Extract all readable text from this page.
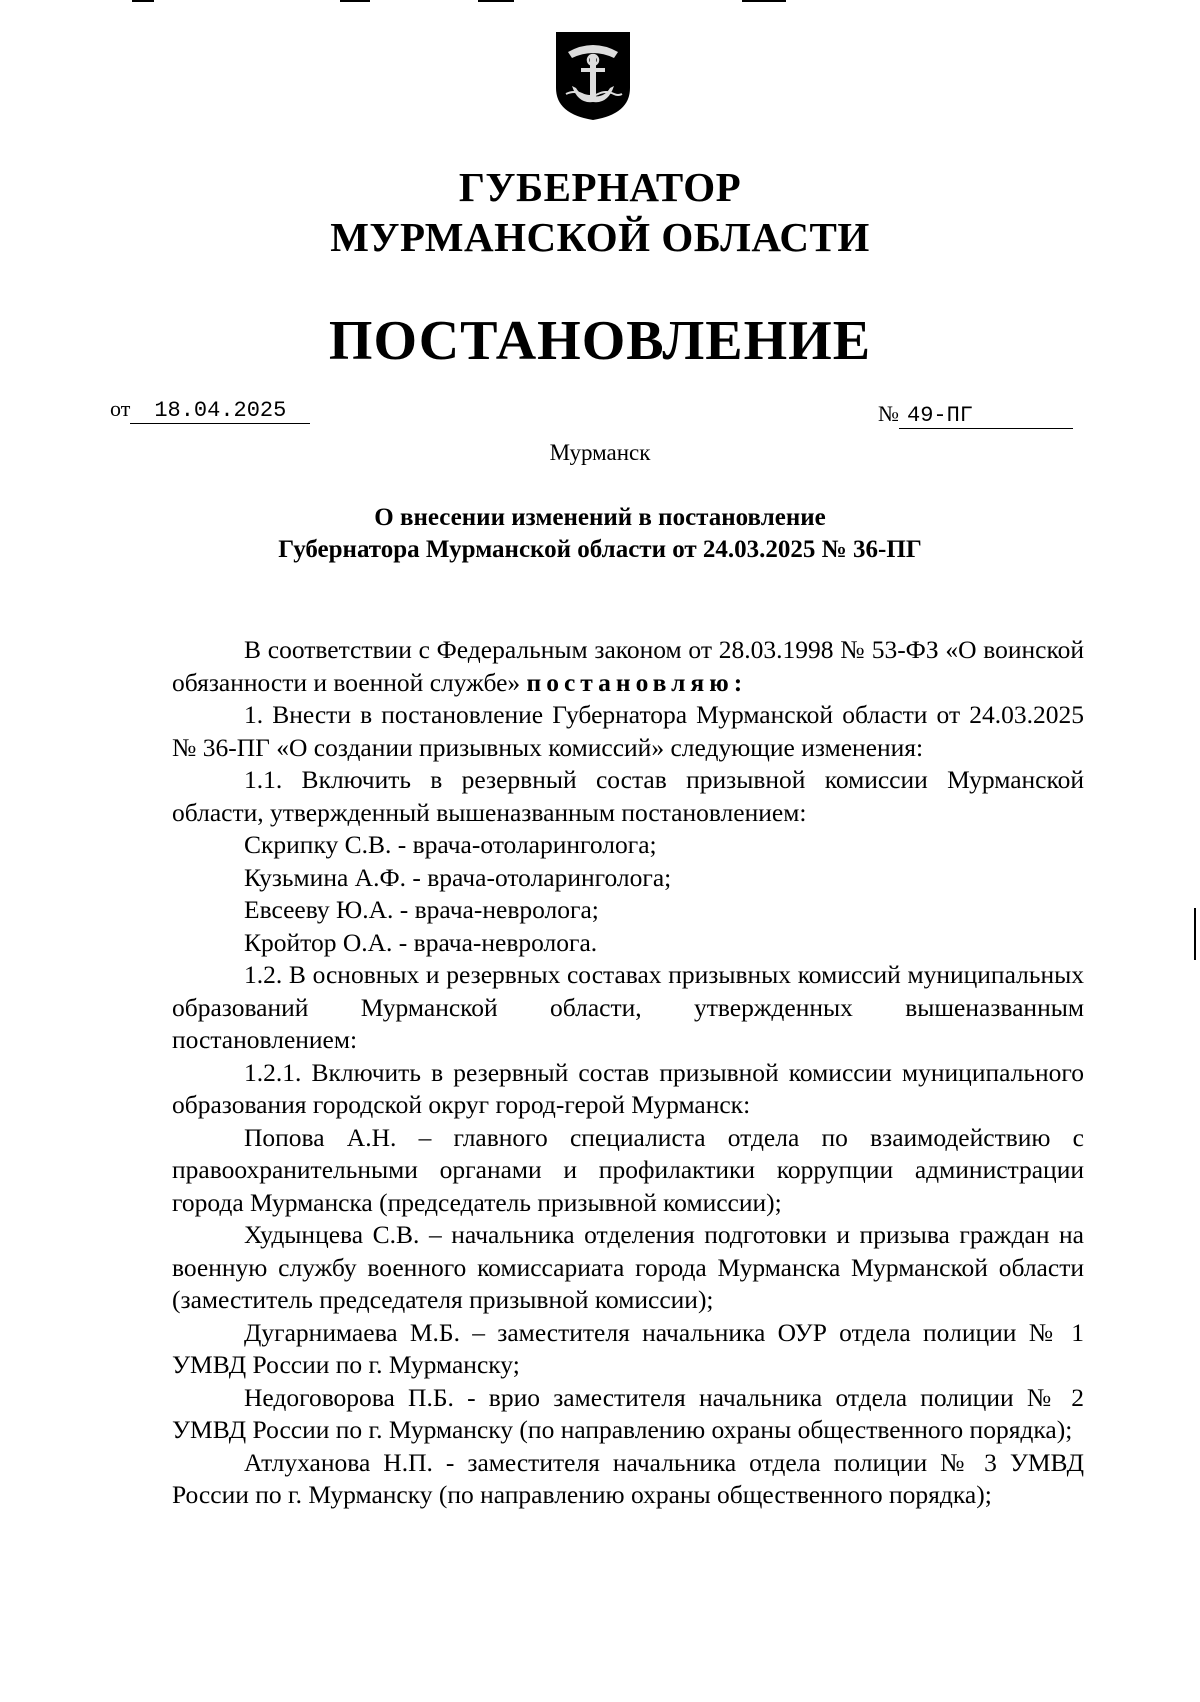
ГУБЕРНАТОР
МУРМАНСКОЙ ОБЛАСТИ
ПОСТАНОВЛЕНИЕ
от 18.04.2025	№ 49-ПГ
Мурманск
О внесении изменений в постановление
Губернатора Мурманской области от 24.03.2025 № 36-ПГ

В соответствии с Федеральным законом от 28.03.1998 № 53-ФЗ «О воинской обязанности и военной службе» постановляю:

1. Внести в постановление Губернатора Мурманской области от 24.03.2025 № 36-ПГ «О создании призывных комиссий» следующие изменения:

1.1. Включить в резервный состав призывной комиссии Мурманской области, утвержденный вышеназванным постановлением:

Скрипку С.В. - врача-отоларинголога;

Кузьмина А.Ф. - врача-отоларинголога;

Евсееву Ю.А. - врача-невролога;

Кройтор О.А. - врача-невролога.

1.2. В основных и резервных составах призывных комиссий муниципальных образований Мурманской области, утвержденных вышеназванным постановлением:

1.2.1. Включить в резервный состав призывной комиссии муниципального образования городской округ город-герой Мурманск:

Попова А.Н. – главного специалиста отдела по взаимодействию с правоохранительными органами и профилактики коррупции администрации города Мурманска (председатель призывной комиссии);

Худынцева С.В. – начальника отделения подготовки и призыва граждан на военную службу военного комиссариата города Мурманска Мурманской области (заместитель председателя призывной комиссии);

Дугарнимаева М.Б. – заместителя начальника ОУР отдела полиции № 1 УМВД России по г. Мурманску;

Недоговорова П.Б. - врио заместителя начальника отдела полиции № 2 УМВД России по г. Мурманску (по направлению охраны общественного порядка);

Атлуханова Н.П. - заместителя начальника отдела полиции № 3 УМВД России по г. Мурманску (по направлению охраны общественного порядка);
